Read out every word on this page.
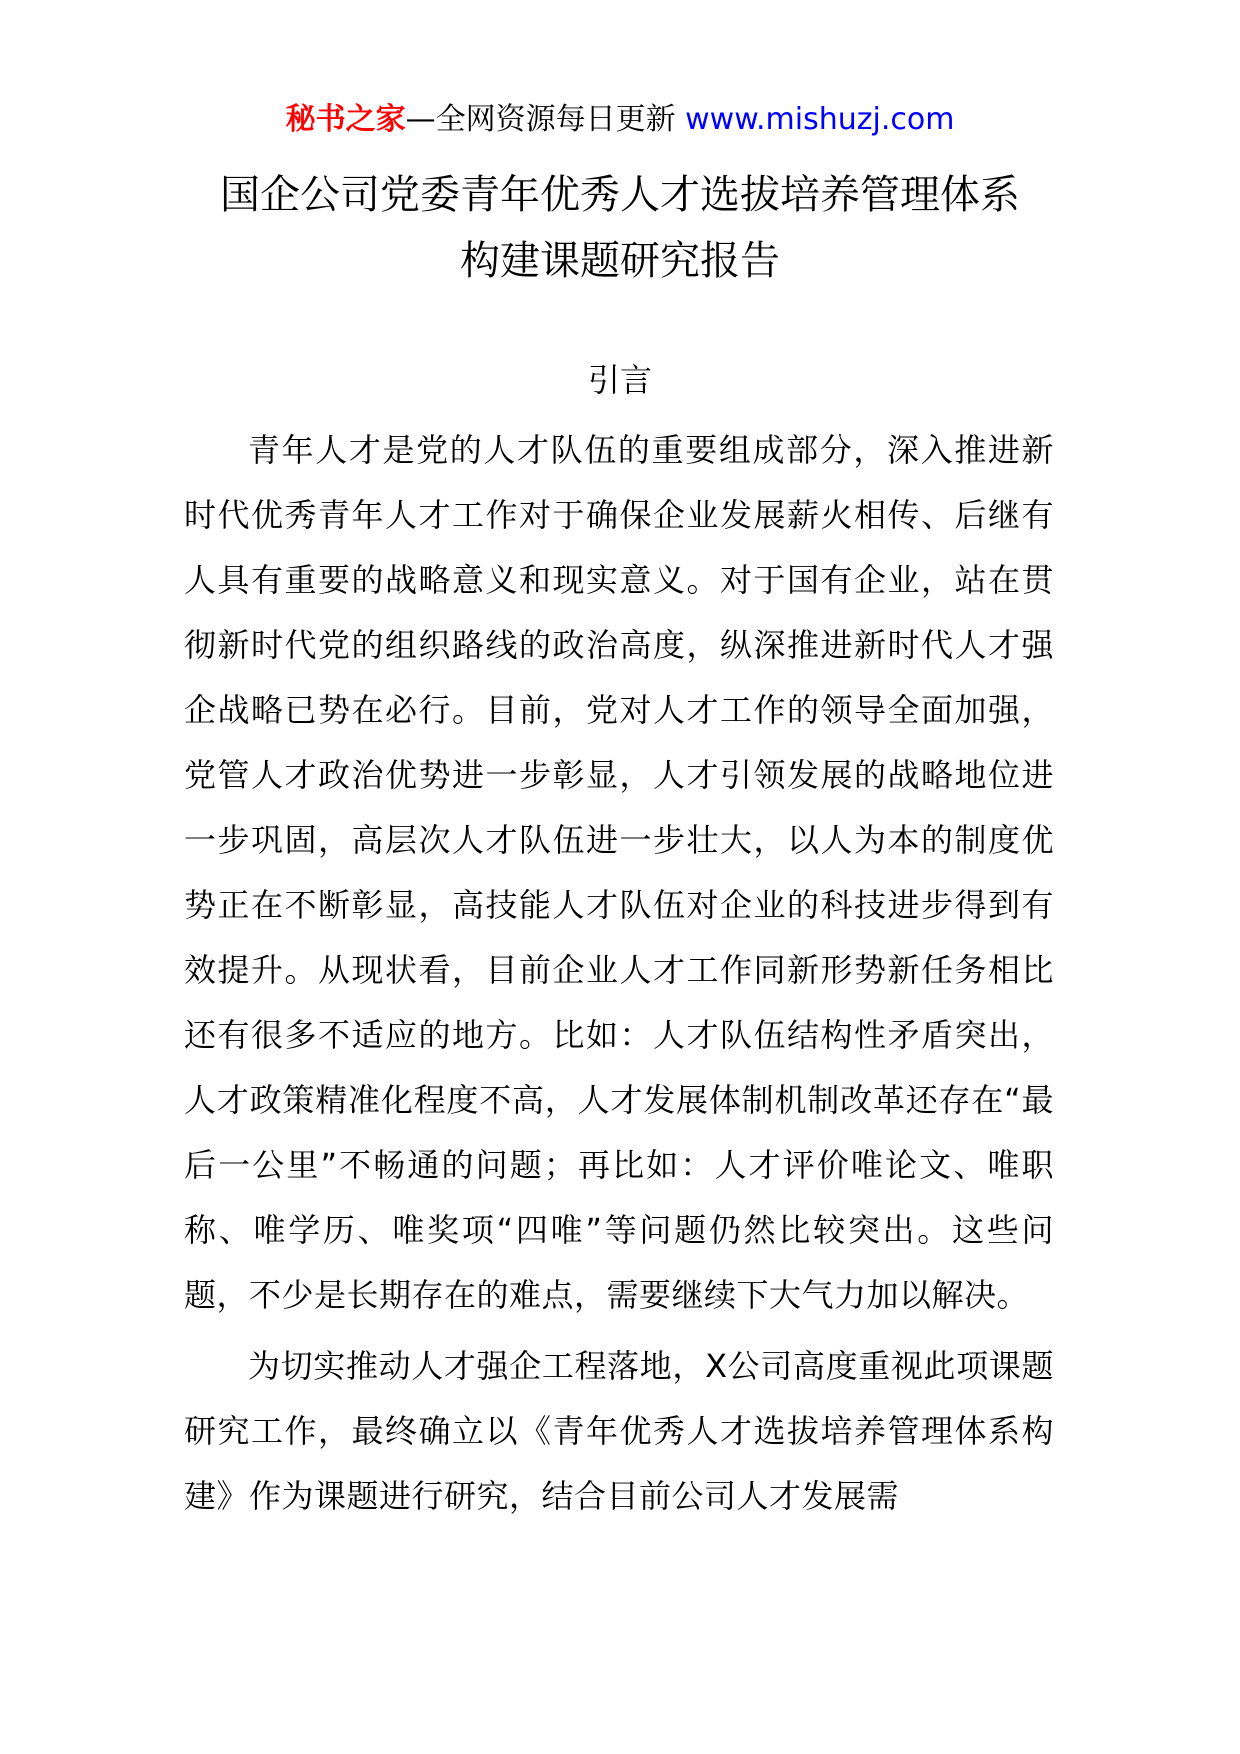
秘书之家—全网资源每日更新 www.mishuzj.com
国企公司党委青年优秀人才选拔培养管理体系
构建课题研究报告
引言

青年人才是党的人才队伍的重要组成部分，深入推进新时代优秀青年人才工作对于确保企业发展薪火相传、后继有人具有重要的战略意义和现实意义。对于国有企业，站在贯彻新时代党的组织路线的政治高度，纵深推进新时代人才强企战略已势在必行。目前，党对人才工作的领导全面加强，党管人才政治优势进一步彰显，人才引领发展的战略地位进一步巩固，高层次人才队伍进一步壮大，以人为本的制度优势正在不断彰显，高技能人才队伍对企业的科技进步得到有效提升。从现状看，目前企业人才工作同新形势新任务相比还有很多不适应的地方。比如：人才队伍结构性矛盾突出，人才政策精准化程度不高，人才发展体制机制改革还存在“最后一公里”不畅通的问题；再比如：人才评价唯论文、唯职称、唯学历、唯奖项“四唯”等问题仍然比较突出。这些问题，不少是长期存在的难点，需要继续下大气力加以解决。

为切实推动人才强企工程落地，X公司高度重视此项课题研究工作，最终确立以《青年优秀人才选拔培养管理体系构建》作为课题进行研究，结合目前公司人才发展需
